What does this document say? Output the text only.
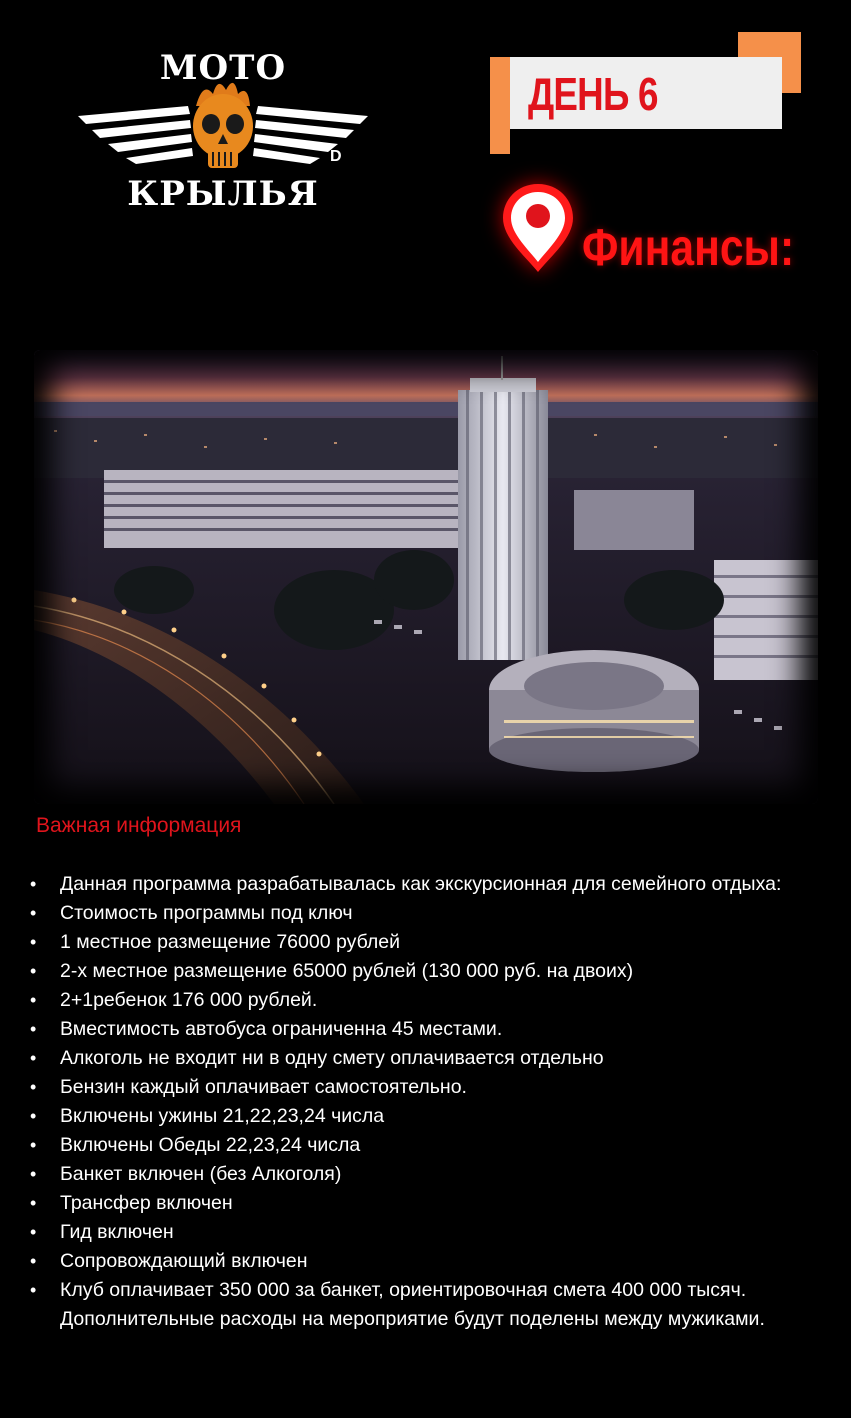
МОТО
D
КРЫЛЬЯ
ДЕНЬ 6
Финансы:
Важная информация
• Данная программа разрабатывалась как экскурсионная для семейного отдыха:
• Стоимость программы под ключ
• 1 местное размещение 76000 рублей
• 2-х местное размещение 65000 рублей (130 000 руб. на двоих)
• 2+1ребенок 176 000 рублей.
• Вместимость автобуса ограниченна 45 местами.
• Алкоголь не входит ни в одну смету оплачивается отдельно
• Бензин каждый оплачивает самостоятельно.
• Включены ужины 21,22,23,24 числа
• Включены Обеды 22,23,24 числа
• Банкет включен (без Алкоголя)
• Трансфер включен
• Гид включен
• Сопровождающий включен
• Клуб оплачивает 350 000 за банкет, ориентировочная смета 400 000 тысяч. Дополнительные расходы на мероприятие будут поделены между мужиками.
